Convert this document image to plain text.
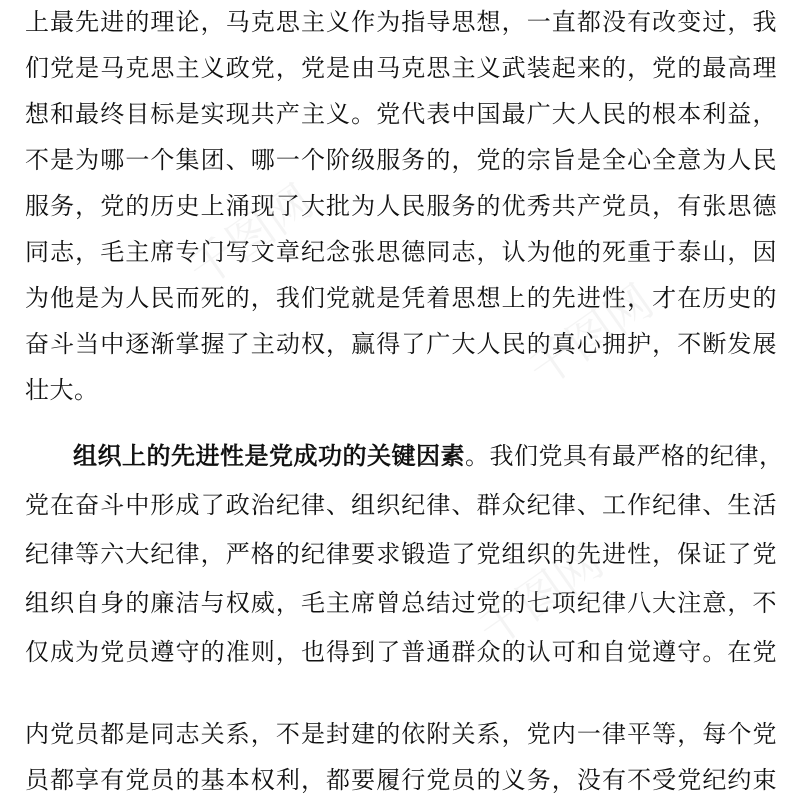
上最先进的理论，马克思主义作为指导思想，一直都没有改变过，我
们党是马克思主义政党，党是由马克思主义武装起来的，党的最高理
想和最终目标是实现共产主义。党代表中国最广大人民的根本利益，
不是为哪一个集团、哪一个阶级服务的，党的宗旨是全心全意为人民
服务，党的历史上涌现了大批为人民服务的优秀共产党员，有张思德
同志，毛主席专门写文章纪念张思德同志，认为他的死重于泰山，因
为他是为人民而死的，我们党就是凭着思想上的先进性，才在历史的
奋斗当中逐渐掌握了主动权，赢得了广大人民的真心拥护，不断发展
壮大。
组织上的先进性是党成功的关键因素。我们党具有最严格的纪律，
党在奋斗中形成了政治纪律、组织纪律、群众纪律、工作纪律、生活
纪律等六大纪律，严格的纪律要求锻造了党组织的先进性，保证了党
组织自身的廉洁与权威，毛主席曾总结过党的七项纪律八大注意，不
仅成为党员遵守的准则，也得到了普通群众的认可和自觉遵守。在党
内党员都是同志关系，不是封建的依附关系，党内一律平等，每个党
员都享有党员的基本权利，都要履行党员的义务，没有不受党纪约束
千图网
千图网
千图网
